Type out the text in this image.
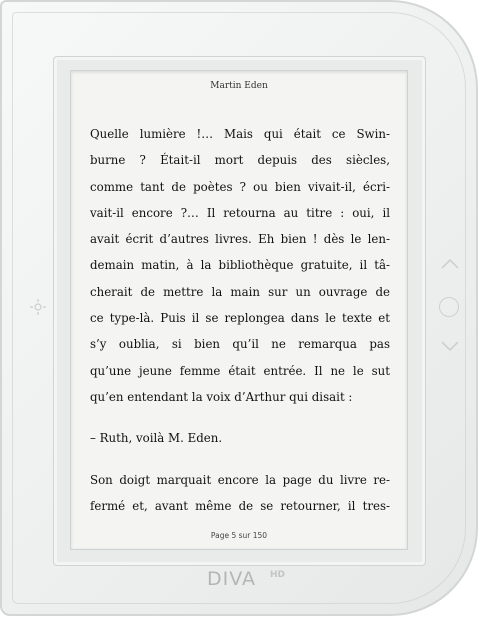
DIVA HD
Martin Eden
Quelle lumière !… Mais qui était ce Swin-
burne ? Était-il mort depuis des siècles,
comme tant de poètes ? ou bien vivait-il, écri-
vait-il encore ?… Il retourna au titre : oui, il
avait écrit d’autres livres. Eh bien ! dès le len-
demain matin, à la bibliothèque gratuite, il tâ-
cherait de mettre la main sur un ouvrage de
ce type-là. Puis il se replongea dans le texte et
s’y oublia, si bien qu’il ne remarqua pas
qu’une jeune femme était entrée. Il ne le sut
qu’en entendant la voix d’Arthur qui disait :
– Ruth, voilà M. Eden.
Son doigt marquait encore la page du livre re-
fermé et, avant même de se retourner, il tres-
Page 5 sur 150
